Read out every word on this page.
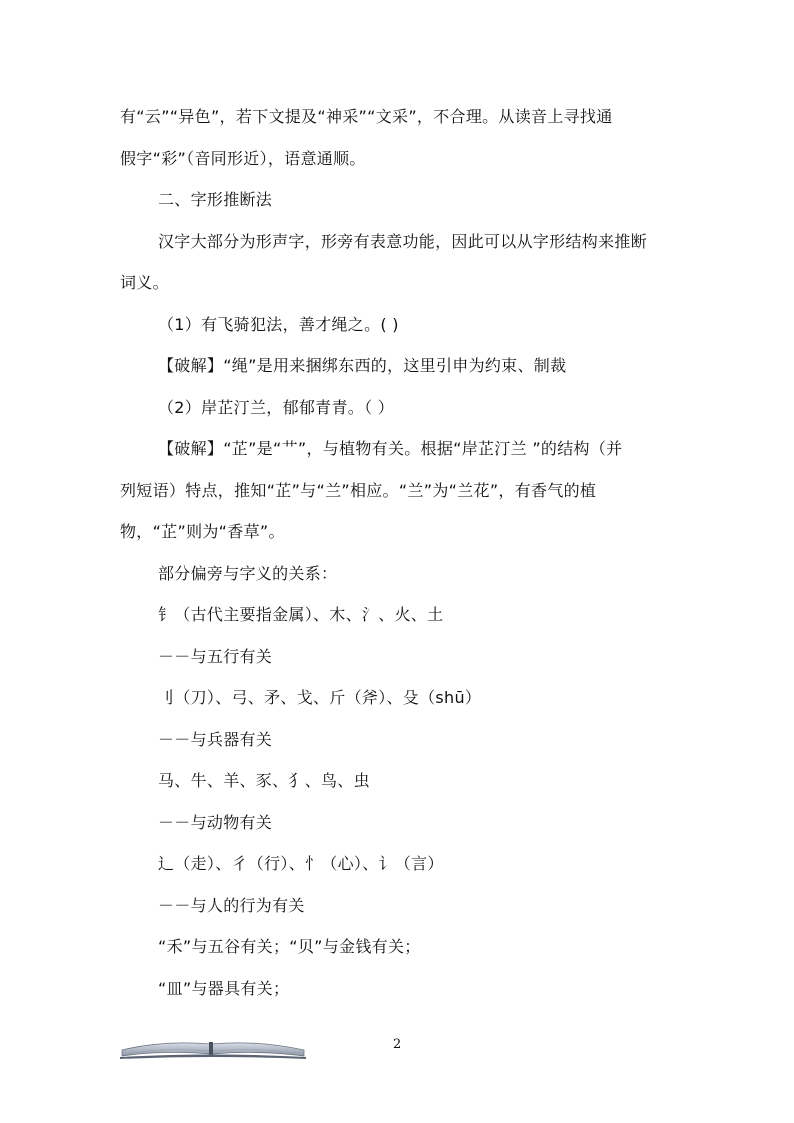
有“云”“异色”，若下文提及“神采”“文采”，不合理。从读音上寻找通
假字“彩”（音同形近），语意通顺。
二、字形推断法
汉字大部分为形声字，形旁有表意功能，因此可以从字形结构来推断
词义。
（1）有飞骑犯法，善才绳之。( )
【破解】“绳”是用来捆绑东西的，这里引申为约束、制裁
（2）岸芷汀兰，郁郁青青。（ ）
【破解】“芷”是“艹”，与植物有关。根据“岸芷汀兰 ”的结构（并
列短语）特点，推知“芷”与“兰”相应。“兰”为“兰花”，有香气的植
物，“芷”则为“香草”。
部分偏旁与字义的关系：
钅（古代主要指金属）、木、氵、火、土
－－与五行有关
刂（刀）、弓、矛、戈、斤（斧）、殳（shū）
－－与兵器有关
马、牛、羊、豕、犭、鸟、虫
－－与动物有关
辶（走）、彳（行）、忄（心）、讠（言）
－－与人的行为有关
“禾”与五谷有关；“贝”与金钱有关；
“皿”与器具有关；
2
